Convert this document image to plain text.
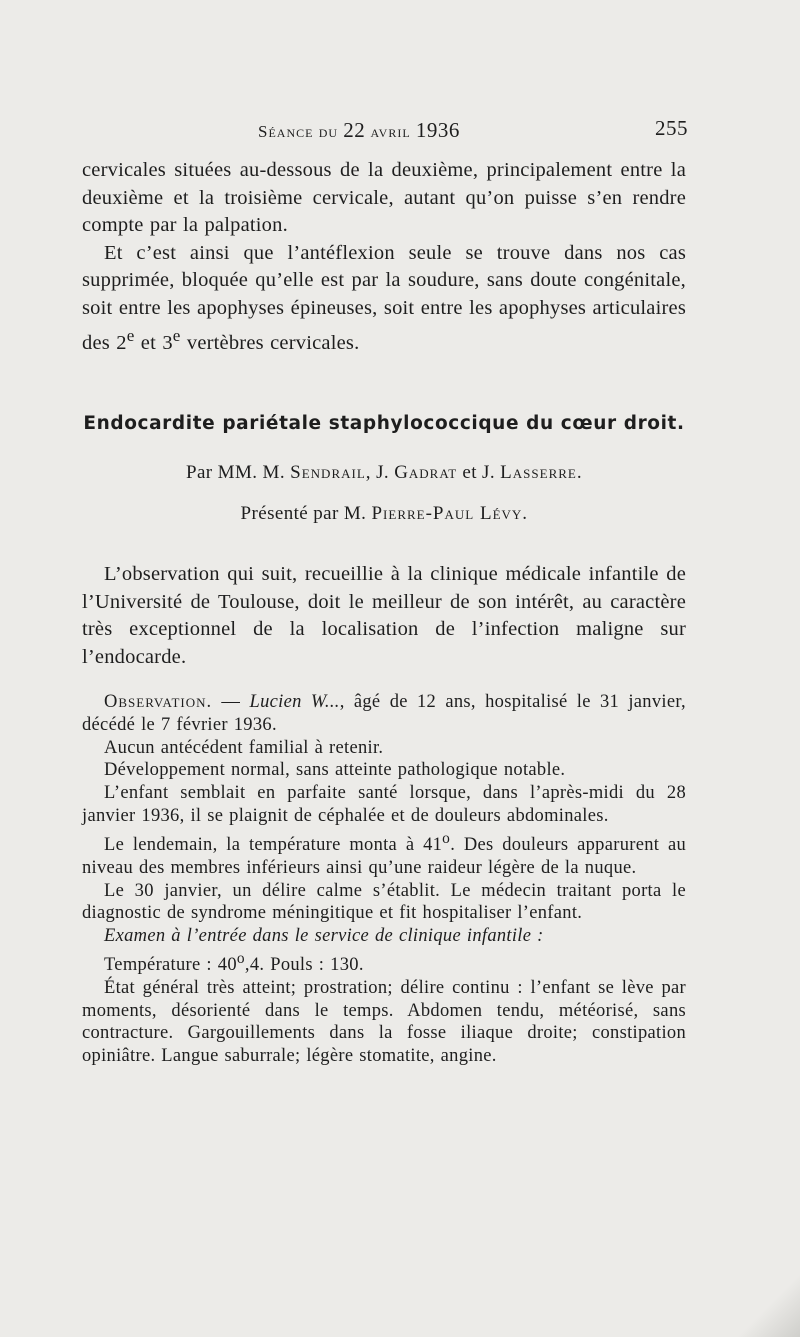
Séance du 22 avril 1936	255

cervicales situées au-dessous de la deuxième, principalement entre la deuxième et la troisième cervicale, autant qu’on puisse s’en rendre compte par la palpation.

Et c’est ainsi que l’antéflexion seule se trouve dans nos cas supprimée, bloquée qu’elle est par la soudure, sans doute congénitale, soit entre les apophyses épineuses, soit entre les apophyses articulaires des 2e et 3e vertèbres cervicales.

Endocardite pariétale staphylococcique du cœur droit.
Par MM. M. Sendrail, J. Gadrat et J. Lasserre.
Présenté par M. Pierre-Paul Lévy.

L’observation qui suit, recueillie à la clinique médicale infantile de l’Université de Toulouse, doit le meilleur de son intérêt, au caractère très exceptionnel de la localisation de l’infection maligne sur l’endocarde.

Observation. — Lucien W..., âgé de 12 ans, hospitalisé le 31 janvier, décédé le 7 février 1936.

Aucun antécédent familial à retenir.

Développement normal, sans atteinte pathologique notable.

L’enfant semblait en parfaite santé lorsque, dans l’après-midi du 28 janvier 1936, il se plaignit de céphalée et de douleurs abdominales.

Le lendemain, la température monta à 41$^o$. Des douleurs apparurent au niveau des membres inférieurs ainsi qu’une raideur légère de la nuque.

Le 30 janvier, un délire calme s’établit. Le médecin traitant porta le diagnostic de syndrome méningitique et fit hospitaliser l’enfant.

Examen à l’entrée dans le service de clinique infantile :

Température : 40$^o$,4. Pouls : 130.

État général très atteint; prostration; délire continu : l’enfant se lève par moments, désorienté dans le temps. Abdomen tendu, météorisé, sans contracture. Gargouillements dans la fosse iliaque droite; constipation opiniâtre. Langue saburrale; légère stomatite, angine.
